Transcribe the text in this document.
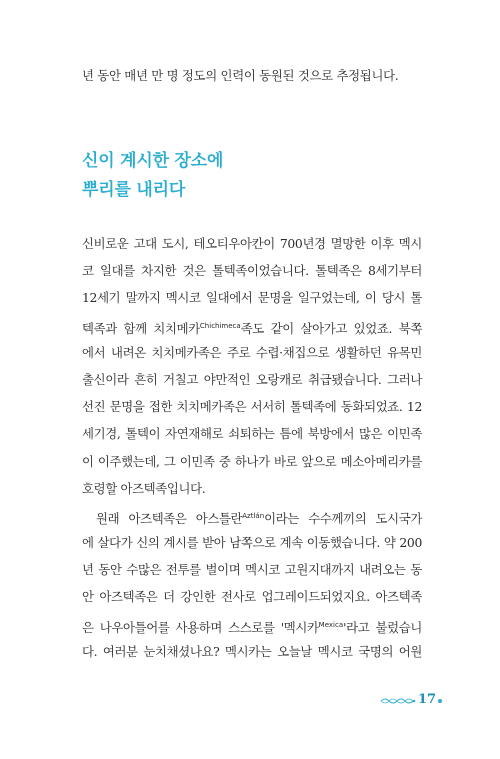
년 동안 매년 만 명 정도의 인력이 동원된 것으로 추정됩니다.
신이 계시한 장소에
뿌리를 내리다
신비로운 고대 도시, 테오티우아칸이 700년경 멸망한 이후 멕시
코 일대를 차지한 것은 톨텍족이었습니다. 톨텍족은 8세기부터
12세기 말까지 멕시코 일대에서 문명을 일구었는데, 이 당시 톨
텍족과 함께 치치메카$^{Chichimeca}$족도 같이 살아가고 있었죠. 북쪽
에서 내려온 치치메카족은 주로 수렵·채집으로 생활하던 유목민
출신이라 흔히 거칠고 야만적인 오랑캐로 취급됐습니다. 그러나
선진 문명을 접한 치치메카족은 서서히 톨텍족에 동화되었죠. 12
세기경, 톨텍이 자연재해로 쇠퇴하는 틈에 북방에서 많은 이민족
이 이주했는데, 그 이민족 중 하나가 바로 앞으로 메소아메리카를
호령할 아즈텍족입니다.
원래 아즈텍족은 아스틀란$^{Aztlán}$이라는 수수께끼의 도시국가
에 살다가 신의 계시를 받아 남쪽으로 계속 이동했습니다. 약 200
년 동안 수많은 전투를 벌이며 멕시코 고원지대까지 내려오는 동
안 아즈텍족은 더 강인한 전사로 업그레이드되었지요. 아즈텍족
은 나우아틀어를 사용하며 스스로를 '멕시카$^{Mexica}$'라고 불렀습니
다. 여러분 눈치채셨나요? 멕시카는 오늘날 멕시코 국명의 어원
17
